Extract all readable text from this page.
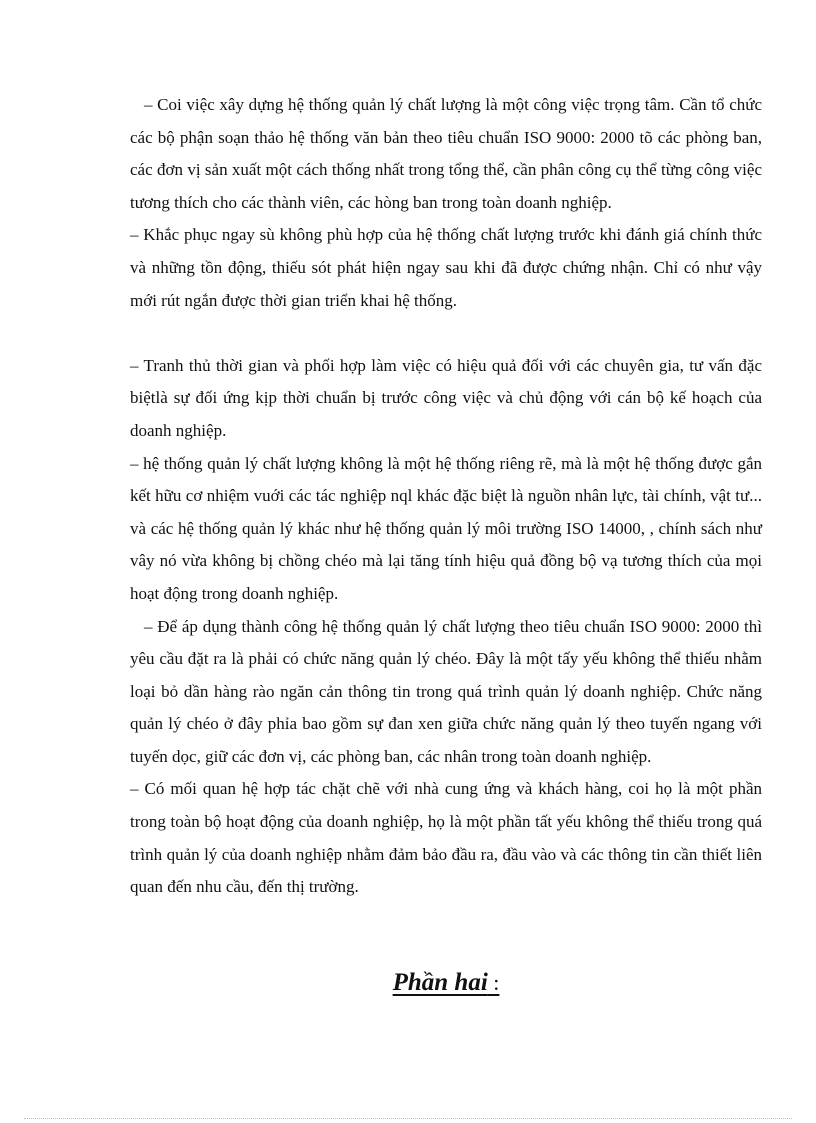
– Coi việc xây dựng hệ thống quản lý chất lượng là một công việc trọng tâm. Cần tổ chức các bộ phận soạn thảo hệ thống văn bản theo tiêu chuẩn ISO 9000: 2000 tõ các phòng ban, các đơn vị sản xuất một cách thống nhất trong tổng thể, cần phân công cụ thể từng công việc tương thích cho các thành viên, các hòng ban trong toàn doanh nghiệp.

– Khắc phục ngay sù không phù hợp của hệ thống chất lượng trước khi đánh giá chính thức và những tồn động, thiếu sót phát hiện ngay sau khi đã được chứng nhận. Chỉ có như vậy mới rút ngắn được thời gian triển khai hệ thống.

– Tranh thủ thời gian và phối hợp làm việc có hiệu quả đối với các chuyên gia, tư vấn đặc biệtlà sự đối ứng kịp thời chuẩn bị trước công việc và chủ động với cán bộ kế hoạch của doanh nghiệp.

– hệ thống quản lý chất lượng không là một hệ thống riêng rẽ, mà là một hệ thống được gắn kết hữu cơ nhiệm vuới các tác nghiệp nql khác đặc biệt là nguồn nhân lực, tài chính, vật tư... và các hệ thống quản lý khác như hệ thống quản lý môi trường ISO 14000, , chính sách như vây nó vừa không bị chồng chéo mà lại tăng tính hiệu quả đồng bộ vạ tương thích của mọi hoạt động trong doanh nghiệp.

– Để áp dụng thành công hệ thống quản lý chất lượng theo tiêu chuẩn ISO 9000: 2000 thì yêu cầu đặt ra là phải có chức năng quản lý chéo. Đây là một tấy yếu không thể thiếu nhằm loại bỏ dần hàng rào ngăn cản thông tin trong quá trình quản lý doanh nghiệp. Chức năng quản lý chéo ở đây phỉa bao gồm sự đan xen giữa chức năng quản lý theo tuyến ngang với tuyến dọc, giữ các đơn vị, các phòng ban, các nhân trong toàn doanh nghiệp.

– Có mối quan hệ hợp tác chặt chẽ với nhà cung ứng và khách hàng, coi họ là một phần trong toàn bộ hoạt động của doanh nghiệp, họ là một phần tất yếu không thể thiếu trong quá trình quản lý của doanh nghiệp nhằm đảm bảo đầu ra, đầu vào và các thông tin cần thiết liên quan đến nhu cầu, đến thị trường.

Phần hai :
